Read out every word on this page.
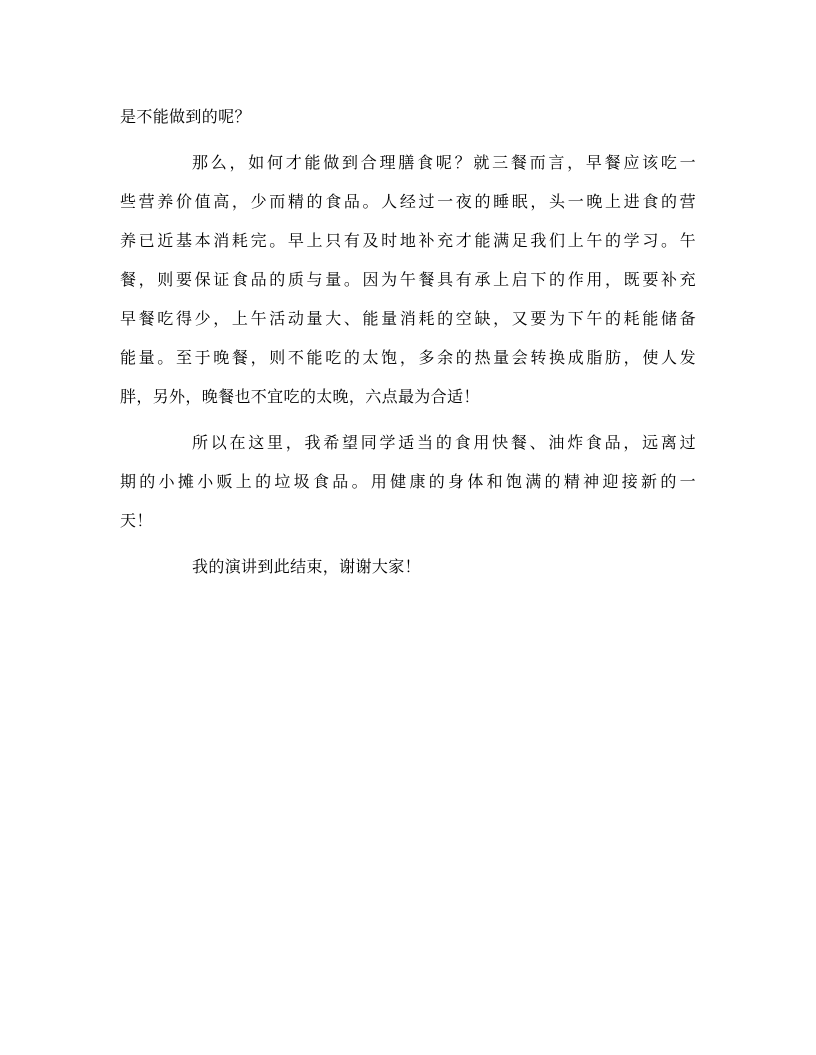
是不能做到的呢？
那么，如何才能做到合理膳食呢？就三餐而言，早餐应该吃一
些营养价值高，少而精的食品。人经过一夜的睡眠，头一晚上进食的营
养已近基本消耗完。早上只有及时地补充才能满足我们上午的学习。午
餐，则要保证食品的质与量。因为午餐具有承上启下的作用，既要补充
早餐吃得少，上午活动量大、能量消耗的空缺，又要为下午的耗能储备
能量。至于晚餐，则不能吃的太饱，多余的热量会转换成脂肪，使人发
胖，另外，晚餐也不宜吃的太晚，六点最为合适！
所以在这里，我希望同学适当的食用快餐、油炸食品，远离过
期的小摊小贩上的垃圾食品。用健康的身体和饱满的精神迎接新的一
天！
我的演讲到此结束，谢谢大家！
